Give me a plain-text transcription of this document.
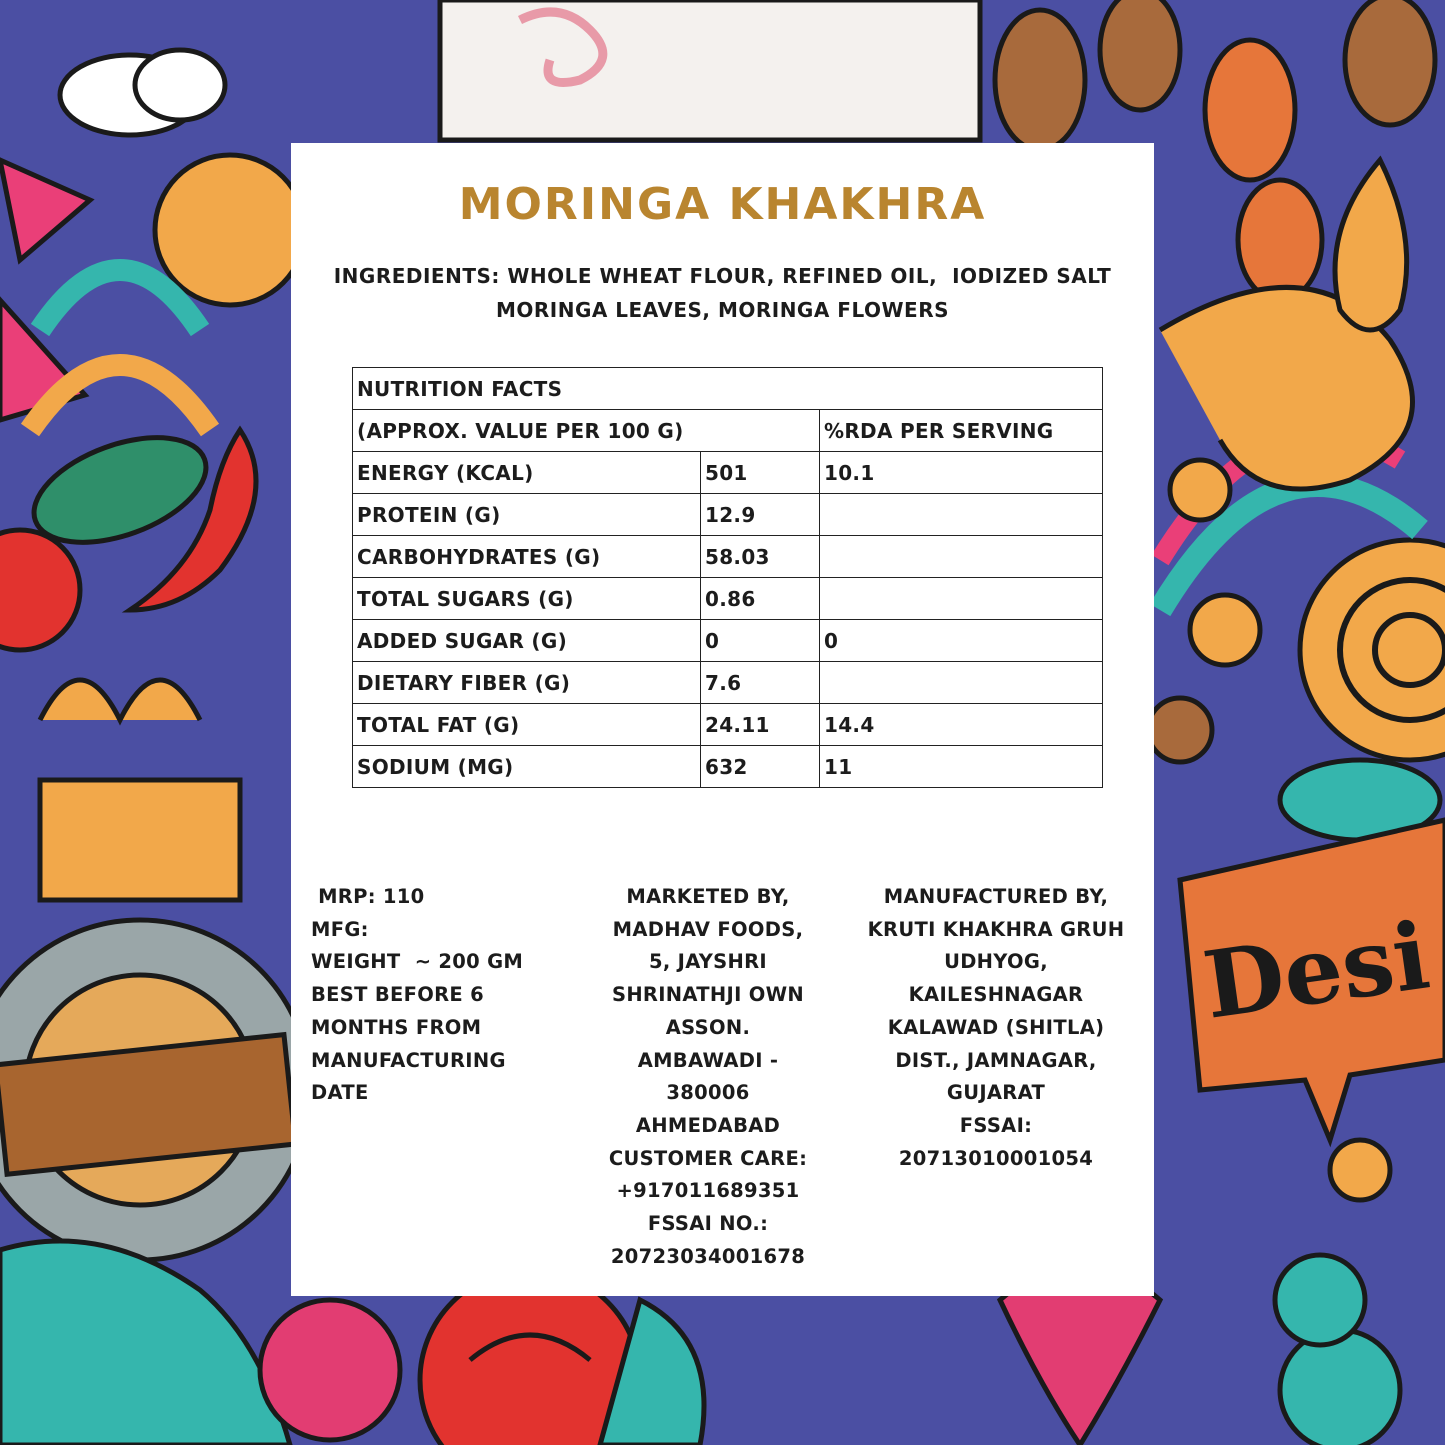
Desi
MORINGA KHAKHRA
INGREDIENTS: WHOLE WHEAT FLOUR, REFINED OIL,  IODIZED SALT
MORINGA LEAVES, MORINGA FLOWERS
NUTRITION FACTS		
(APPROX. VALUE PER 100 G)		%RDA PER SERVING
ENERGY (KCAL)	501	10.1
PROTEIN (G)	12.9	
CARBOHYDRATES (G)	58.03	
TOTAL SUGARS (G)	0.86	
ADDED SUGAR (G)	0	0
DIETARY FIBER (G)	7.6	
TOTAL FAT (G)	24.11	14.4
SODIUM (MG)	632	11
MRP: 110
MFG:
WEIGHT  ~ 200 GM
BEST BEFORE 6
MONTHS FROM
MANUFACTURING
DATE
MARKETED BY,
MADHAV FOODS,
5, JAYSHRI
SHRINATHJI OWN
ASSON.
AMBAWADI -
380006
AHMEDABAD
CUSTOMER CARE:
+917011689351
FSSAI NO.:
20723034001678
MANUFACTURED BY,
KRUTI KHAKHRA GRUH
UDHYOG,
KAILESHNAGAR
KALAWAD (SHITLA)
DIST., JAMNAGAR,
GUJARAT
FSSAI:
20713010001054
